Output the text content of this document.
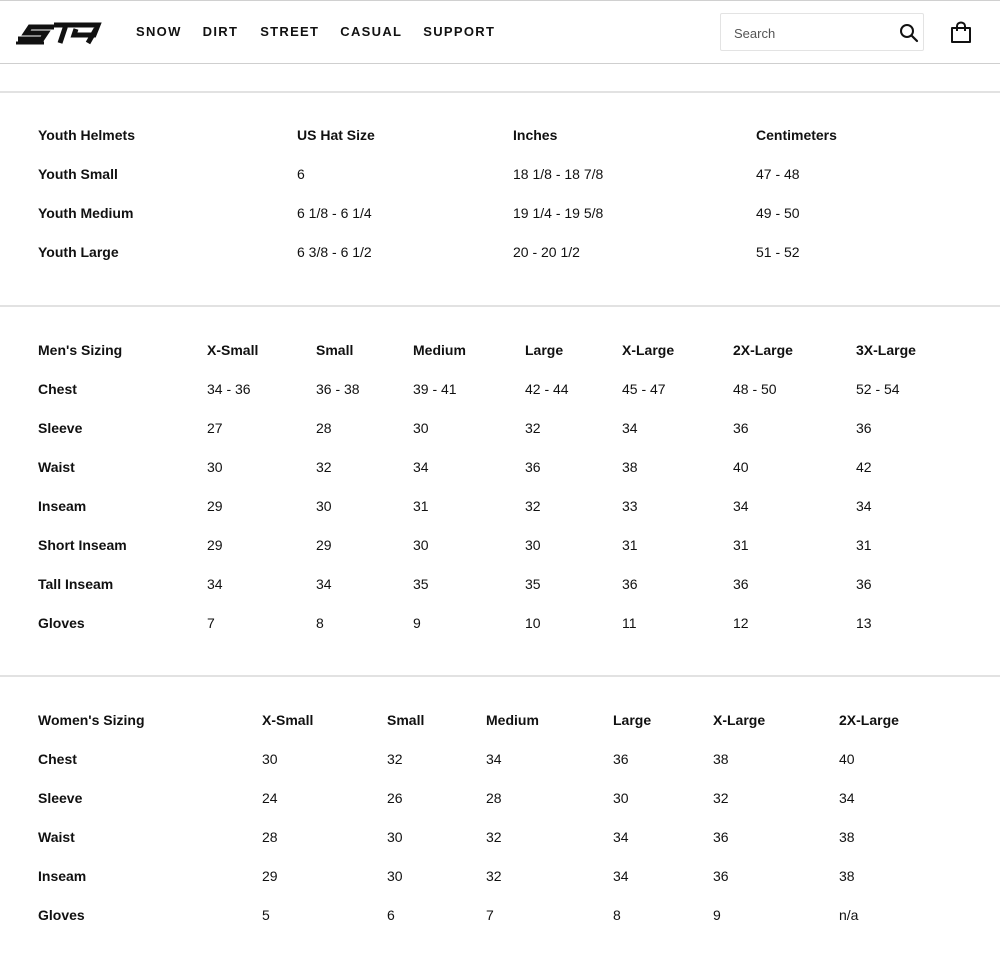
SNOW DIRT STREET CASUAL SUPPORT
Search
Youth Helmets	US Hat Size	Inches	Centimeters
Youth Small	6	18 1/8 - 18 7/8	47 - 48
Youth Medium	6 1/8 - 6 1/4	19 1/4 - 19 5/8	49 - 50
Youth Large	6 3/8 - 6 1/2	20 - 20 1/2	51 - 52
Men's Sizing	X-Small	Small	Medium	Large	X-Large	2X-Large	3X-Large
Chest	34 - 36	36 - 38	39 - 41	42 - 44	45 - 47	48 - 50	52 - 54
Sleeve	27	28	30	32	34	36	36
Waist	30	32	34	36	38	40	42
Inseam	29	30	31	32	33	34	34
Short Inseam	29	29	30	30	31	31	31
Tall Inseam	34	34	35	35	36	36	36
Gloves	7	8	9	10	11	12	13
Women's Sizing	X-Small	Small	Medium	Large	X-Large	2X-Large
Chest	30	32	34	36	38	40
Sleeve	24	26	28	30	32	34
Waist	28	30	32	34	36	38
Inseam	29	30	32	34	36	38
Gloves	5	6	7	8	9	n/a
